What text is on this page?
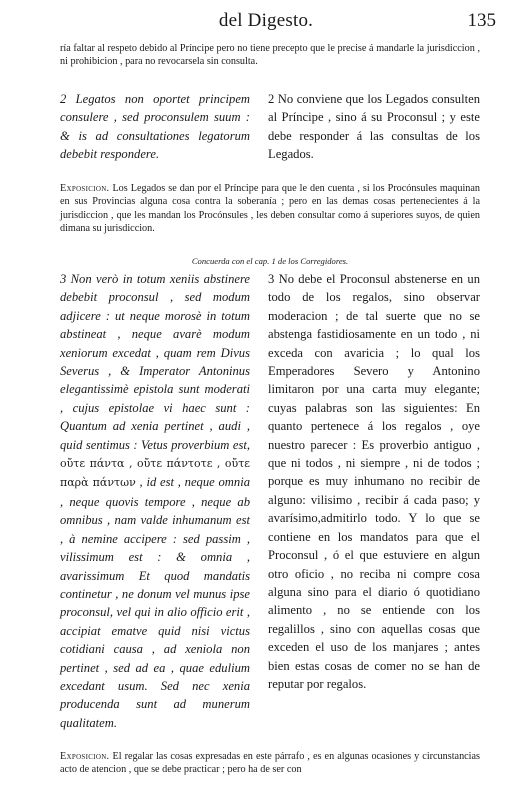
del Digesto.	135
ría faltar al respeto debido al Príncipe pero no tiene precepto que le precise á mandarle la jurisdiccion , ni prohibicion , para no revocarsela sin consulta.

2 Legatos non oportet principem consulere , sed proconsulem suum : & is ad consultationes legatorum debebit respondere.

2 No conviene que los Legados consulten al Príncipe , sino á su Proconsul ; y este debe responder á las consultas de los Legados.

Exposicion. Los Legados se dan por el Príncipe para que le den cuenta , si los Procónsules maquinan en sus Provincias alguna cosa contra la soberanía ; pero en las demas cosas pertenecientes á la jurisdiccion , que les mandan los Procónsules , les deben consultar como á superiores suyos, de quien dimana su jurisdiccion.
Concuerda con el cap. 1 de los Corregidores.

3 Non verò in totum xeniis abstinere debebit proconsul , sed modum adjicere : ut neque morosè in totum abstineat , neque avarè modum xeniorum excedat , quam rem Divus Severus , & Imperator Antoninus elegantissimè epistola sunt moderati , cujus epistolae vi haec sunt : Quantum ad xenia pertinet , audi , quid sentimus : Vetus proverbium est, οὔτε πάντα , οὔτε πάντοτε , οὔτε παρὰ πάντων , id est , neque omnia , neque quovis tempore , neque ab omnibus , nam valde inhumanum est , à nemine accipere : sed passim , vilissimum est : & omnia , avarissimum Et quod mandatis continetur , ne donum vel munus ipse proconsul, vel qui in alio officio erit , accipiat ematve quid nisi victus cotidiani causa , ad xeniola non pertinet , sed ad ea , quae edulium excedant usum. Sed nec xenia producenda sunt ad munerum qualitatem.

3 No debe el Proconsul abstenerse en un todo de los regalos, sino observar moderacion ; de tal suerte que no se abstenga fastidiosamente en un todo , ni exceda con avaricia ; lo qual los Emperadores Severo y Antonino limitaron por una carta muy elegante; cuyas palabras son las siguientes: En quanto pertenece á los regalos , oye nuestro parecer : Es proverbio antiguo , que ni todos , ni siempre , ni de todos ; porque es muy inhumano no recibir de alguno: vilisimo , recibir á cada paso; y avarísimo,admitirlo todo. Y lo que se contiene en los mandatos para que el Proconsul , ó el que estuviere en algun otro oficio , no reciba ni compre cosa alguna sino para el diario ó quotidiano alimento , no se entiende con los regalillos , sino con aquellas cosas que exceden el uso de los manjares ; antes bien estas cosas de comer no se han de reputar por regalos.

Exposicion. El regalar las cosas expresadas en este párrafo , es en algunas ocasiones y circunstancias acto de atencion , que se debe practicar ; pero ha de ser con
